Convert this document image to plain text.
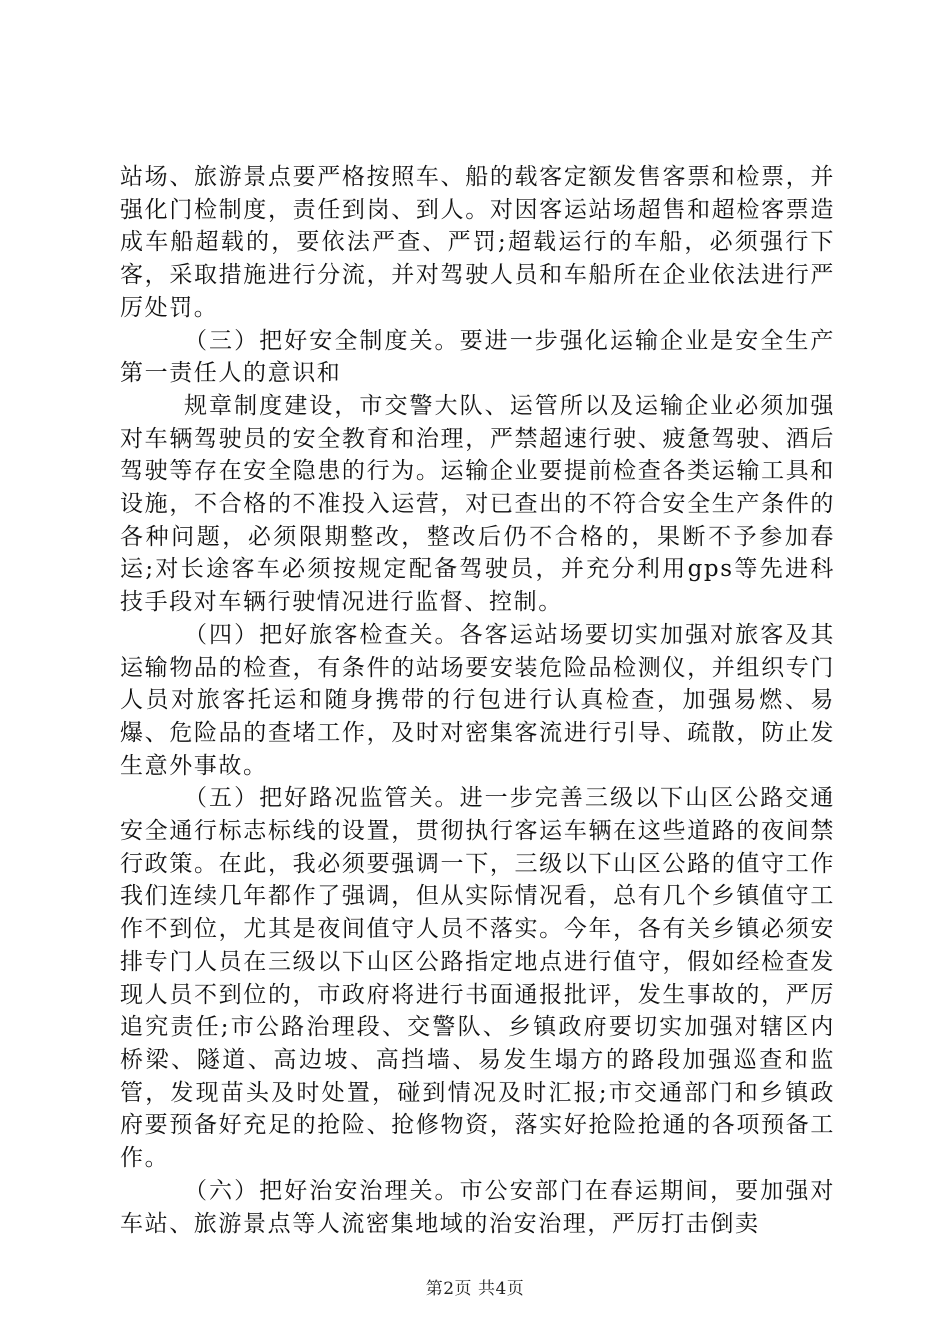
站场、旅游景点要严格按照车、船的载客定额发售客票和检票，并强化门检制度，责任到岗、到人。对因客运站场超售和超检客票造成车船超载的，要依法严查、严罚;超载运行的车船，必须强行下客，采取措施进行分流，并对驾驶人员和车船所在企业依法进行严厉处罚。

（三）把好安全制度关。要进一步强化运输企业是安全生产第一责任人的意识和

规章制度建设，市交警大队、运管所以及运输企业必须加强对车辆驾驶员的安全教育和治理，严禁超速行驶、疲惫驾驶、酒后驾驶等存在安全隐患的行为。运输企业要提前检查各类运输工具和设施，不合格的不准投入运营，对已查出的不符合安全生产条件的各种问题，必须限期整改，整改后仍不合格的，果断不予参加春运;对长途客车必须按规定配备驾驶员，并充分利用gps等先进科技手段对车辆行驶情况进行监督、控制。

（四）把好旅客检查关。各客运站场要切实加强对旅客及其运输物品的检查，有条件的站场要安装危险品检测仪，并组织专门人员对旅客托运和随身携带的行包进行认真检查，加强易燃、易爆、危险品的查堵工作，及时对密集客流进行引导、疏散，防止发生意外事故。

（五）把好路况监管关。进一步完善三级以下山区公路交通安全通行标志标线的设置，贯彻执行客运车辆在这些道路的夜间禁行政策。在此，我必须要强调一下，三级以下山区公路的值守工作我们连续几年都作了强调，但从实际情况看，总有几个乡镇值守工作不到位，尤其是夜间值守人员不落实。今年，各有关乡镇必须安排专门人员在三级以下山区公路指定地点进行值守，假如经检查发现人员不到位的，市政府将进行书面通报批评，发生事故的，严厉追究责任;市公路治理段、交警队、乡镇政府要切实加强对辖区内桥梁、隧道、高边坡、高挡墙、易发生塌方的路段加强巡查和监管，发现苗头及时处置，碰到情况及时汇报;市交通部门和乡镇政府要预备好充足的抢险、抢修物资，落实好抢险抢通的各项预备工作。

（六）把好治安治理关。市公安部门在春运期间，要加强对车站、旅游景点等人流密集地域的治安治理，严厉打击倒卖

第2页 共4页
